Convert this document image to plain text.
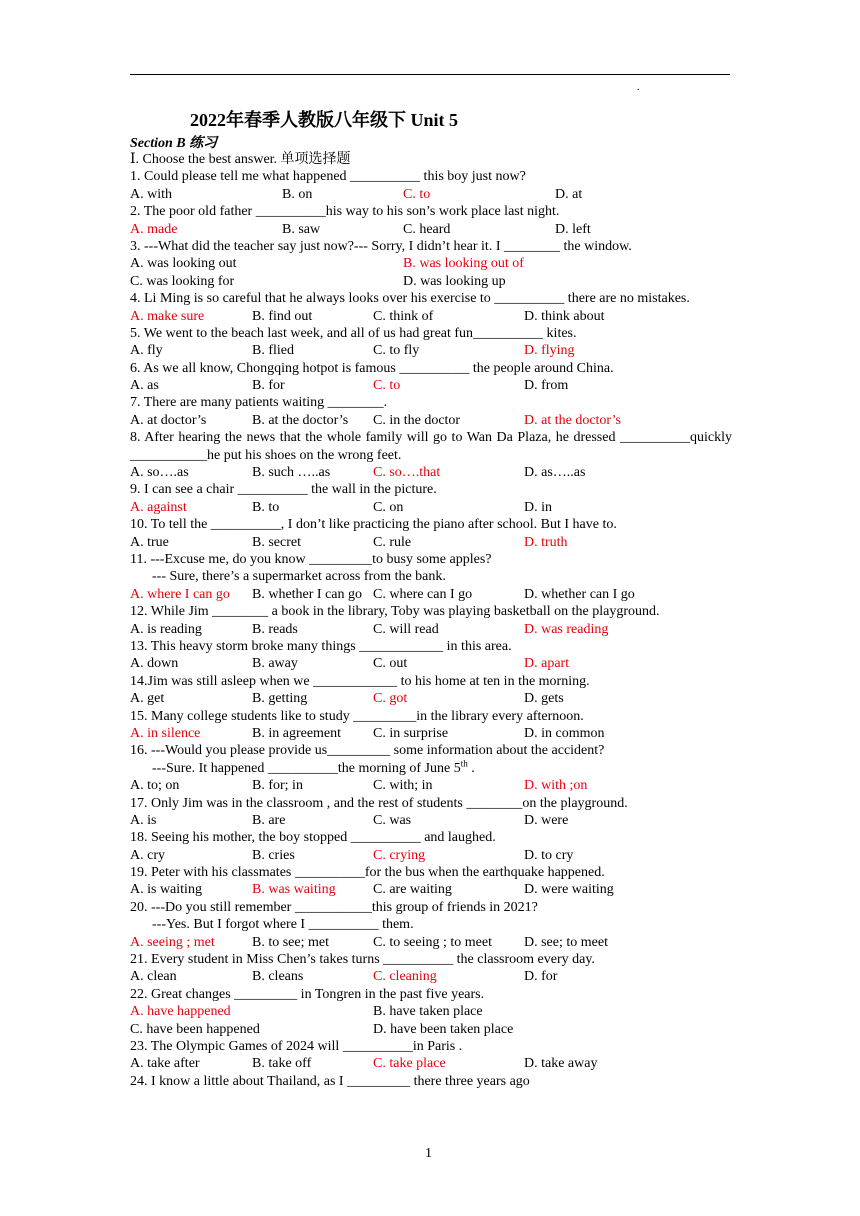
.
2022年春季人教版八年级下 Unit 5
Section B 练习
Ⅰ. Choose the best answer. 单项选择题
1. Could please tell me what happened __________ this boy just now?
A. with	B. on	C. to	D. at
2. The poor old father __________his way to his son’s work place last night.
A. made	B. saw	C. heard	D. left
3. ---What did the teacher say just now?--- Sorry, I didn’t hear it. I ________ the window.
A. was looking out	B. was looking out of
C. was looking for	D. was looking up
4. Li Ming is so careful that he always looks over his exercise to __________ there are no mistakes.
A. make sure	B. find out	C. think of	D. think about
5. We went to the beach last week, and all of us had great fun__________ kites.
A. fly	B. flied	C. to fly	D. flying
6. As we all know, Chongqing hotpot is famous __________ the people around China.
A. as	B. for	C. to	D. from
7. There are many patients waiting ________.
A. at doctor’s	B. at the doctor’s C. in the doctor	D. at the doctor’s
8. After hearing the news that the whole family will go to Wan Da Plaza, he dressed __________quickly ___________he put his shoes on the wrong feet.
A. so….as	B. such …..as	C. so….that	D. as…..as
9. I can see a chair __________ the wall in the picture.
A. against	B. to	C. on	D. in
10. To tell the __________, I don’t like practicing the piano after school. But I have to.
A. true	B. secret	C. rule	D. truth
11. ---Excuse me, do you know _________to busy some apples?
--- Sure, there’s a supermarket across from the bank.
A. where I can go B. whether I can go C. where can I go	D. whether can I go
12. While Jim ________ a book in the library, Toby was playing basketball on the playground.
A. is reading	B. reads	C. will read	D. was reading
13. This heavy storm broke many things ____________ in this area.
A. down	B. away	C. out	D. apart
14.Jim was still asleep when we ____________ to his home at ten in the morning.
A. get	B. getting	C. got	D. gets
15. Many college students like to study _________in the library every afternoon.
A. in silence	B. in agreement C. in surprise	D. in common
16. ---Would you please provide us_________ some information about the accident?
---Sure. It happened __________the morning of June 5th .
A. to; on	B. for; in	C. with; in	D. with ;on
17. Only Jim was in the classroom , and the rest of students ________on the playground.
A. is	B. are	C. was	D. were
18. Seeing his mother, the boy stopped __________ and laughed.
A. cry	B. cries	C. crying	D. to cry
19. Peter with his classmates __________for the bus when the earthquake happened.
A. is waiting	B. was waiting	C. are waiting	D. were waiting
20. ---Do you still remember ___________this group of friends in 2021?
---Yes. But I forgot where I __________ them.
A. seeing ; met	B. to see; met	C. to seeing ; to meet D. see; to meet
21. Every student in Miss Chen’s takes turns __________ the classroom every day.
A. clean	B. cleans	C. cleaning	D. for
22. Great changes _________ in Tongren in the past five years.
A. have happened	B. have taken place
C. have been happened	D. have been taken place
23. The Olympic Games of 2024 will __________in Paris .
A. take after	B. take off	C. take place	D. take away
24. I know a little about Thailand, as I _________ there three years ago
1
